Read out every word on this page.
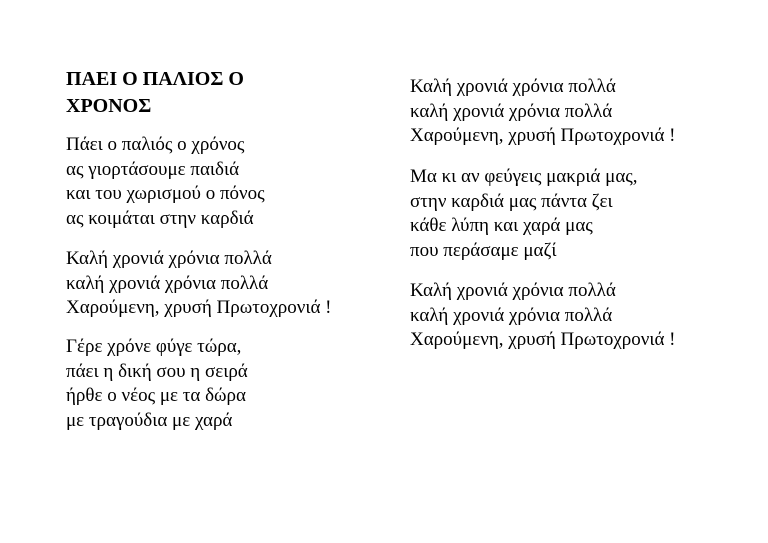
ΠΑΕΙ Ο ΠΑΛΙΟΣ Ο
ΧΡΟΝΟΣ
Πάει ο παλιός ο χρόνος
ας γιορτάσουμε παιδιά
και του χωρισμού ο πόνος
ας κοιμάται στην καρδιά
Καλή χρονιά χρόνια πολλά
καλή χρονιά χρόνια πολλά
Χαρούμενη, χρυσή Πρωτοχρονιά !
Γέρε χρόνε φύγε τώρα,
πάει η δική σου η σειρά
ήρθε ο νέος με τα δώρα
με τραγούδια με χαρά
Καλή χρονιά χρόνια πολλά
καλή χρονιά χρόνια πολλά
Χαρούμενη, χρυσή Πρωτοχρονιά !
Μα κι αν φεύγεις μακριά μας,
στην καρδιά μας πάντα ζει
κάθε λύπη και χαρά μας
που περάσαμε μαζί
Καλή χρονιά χρόνια πολλά
καλή χρονιά χρόνια πολλά
Χαρούμενη, χρυσή Πρωτοχρονιά !
